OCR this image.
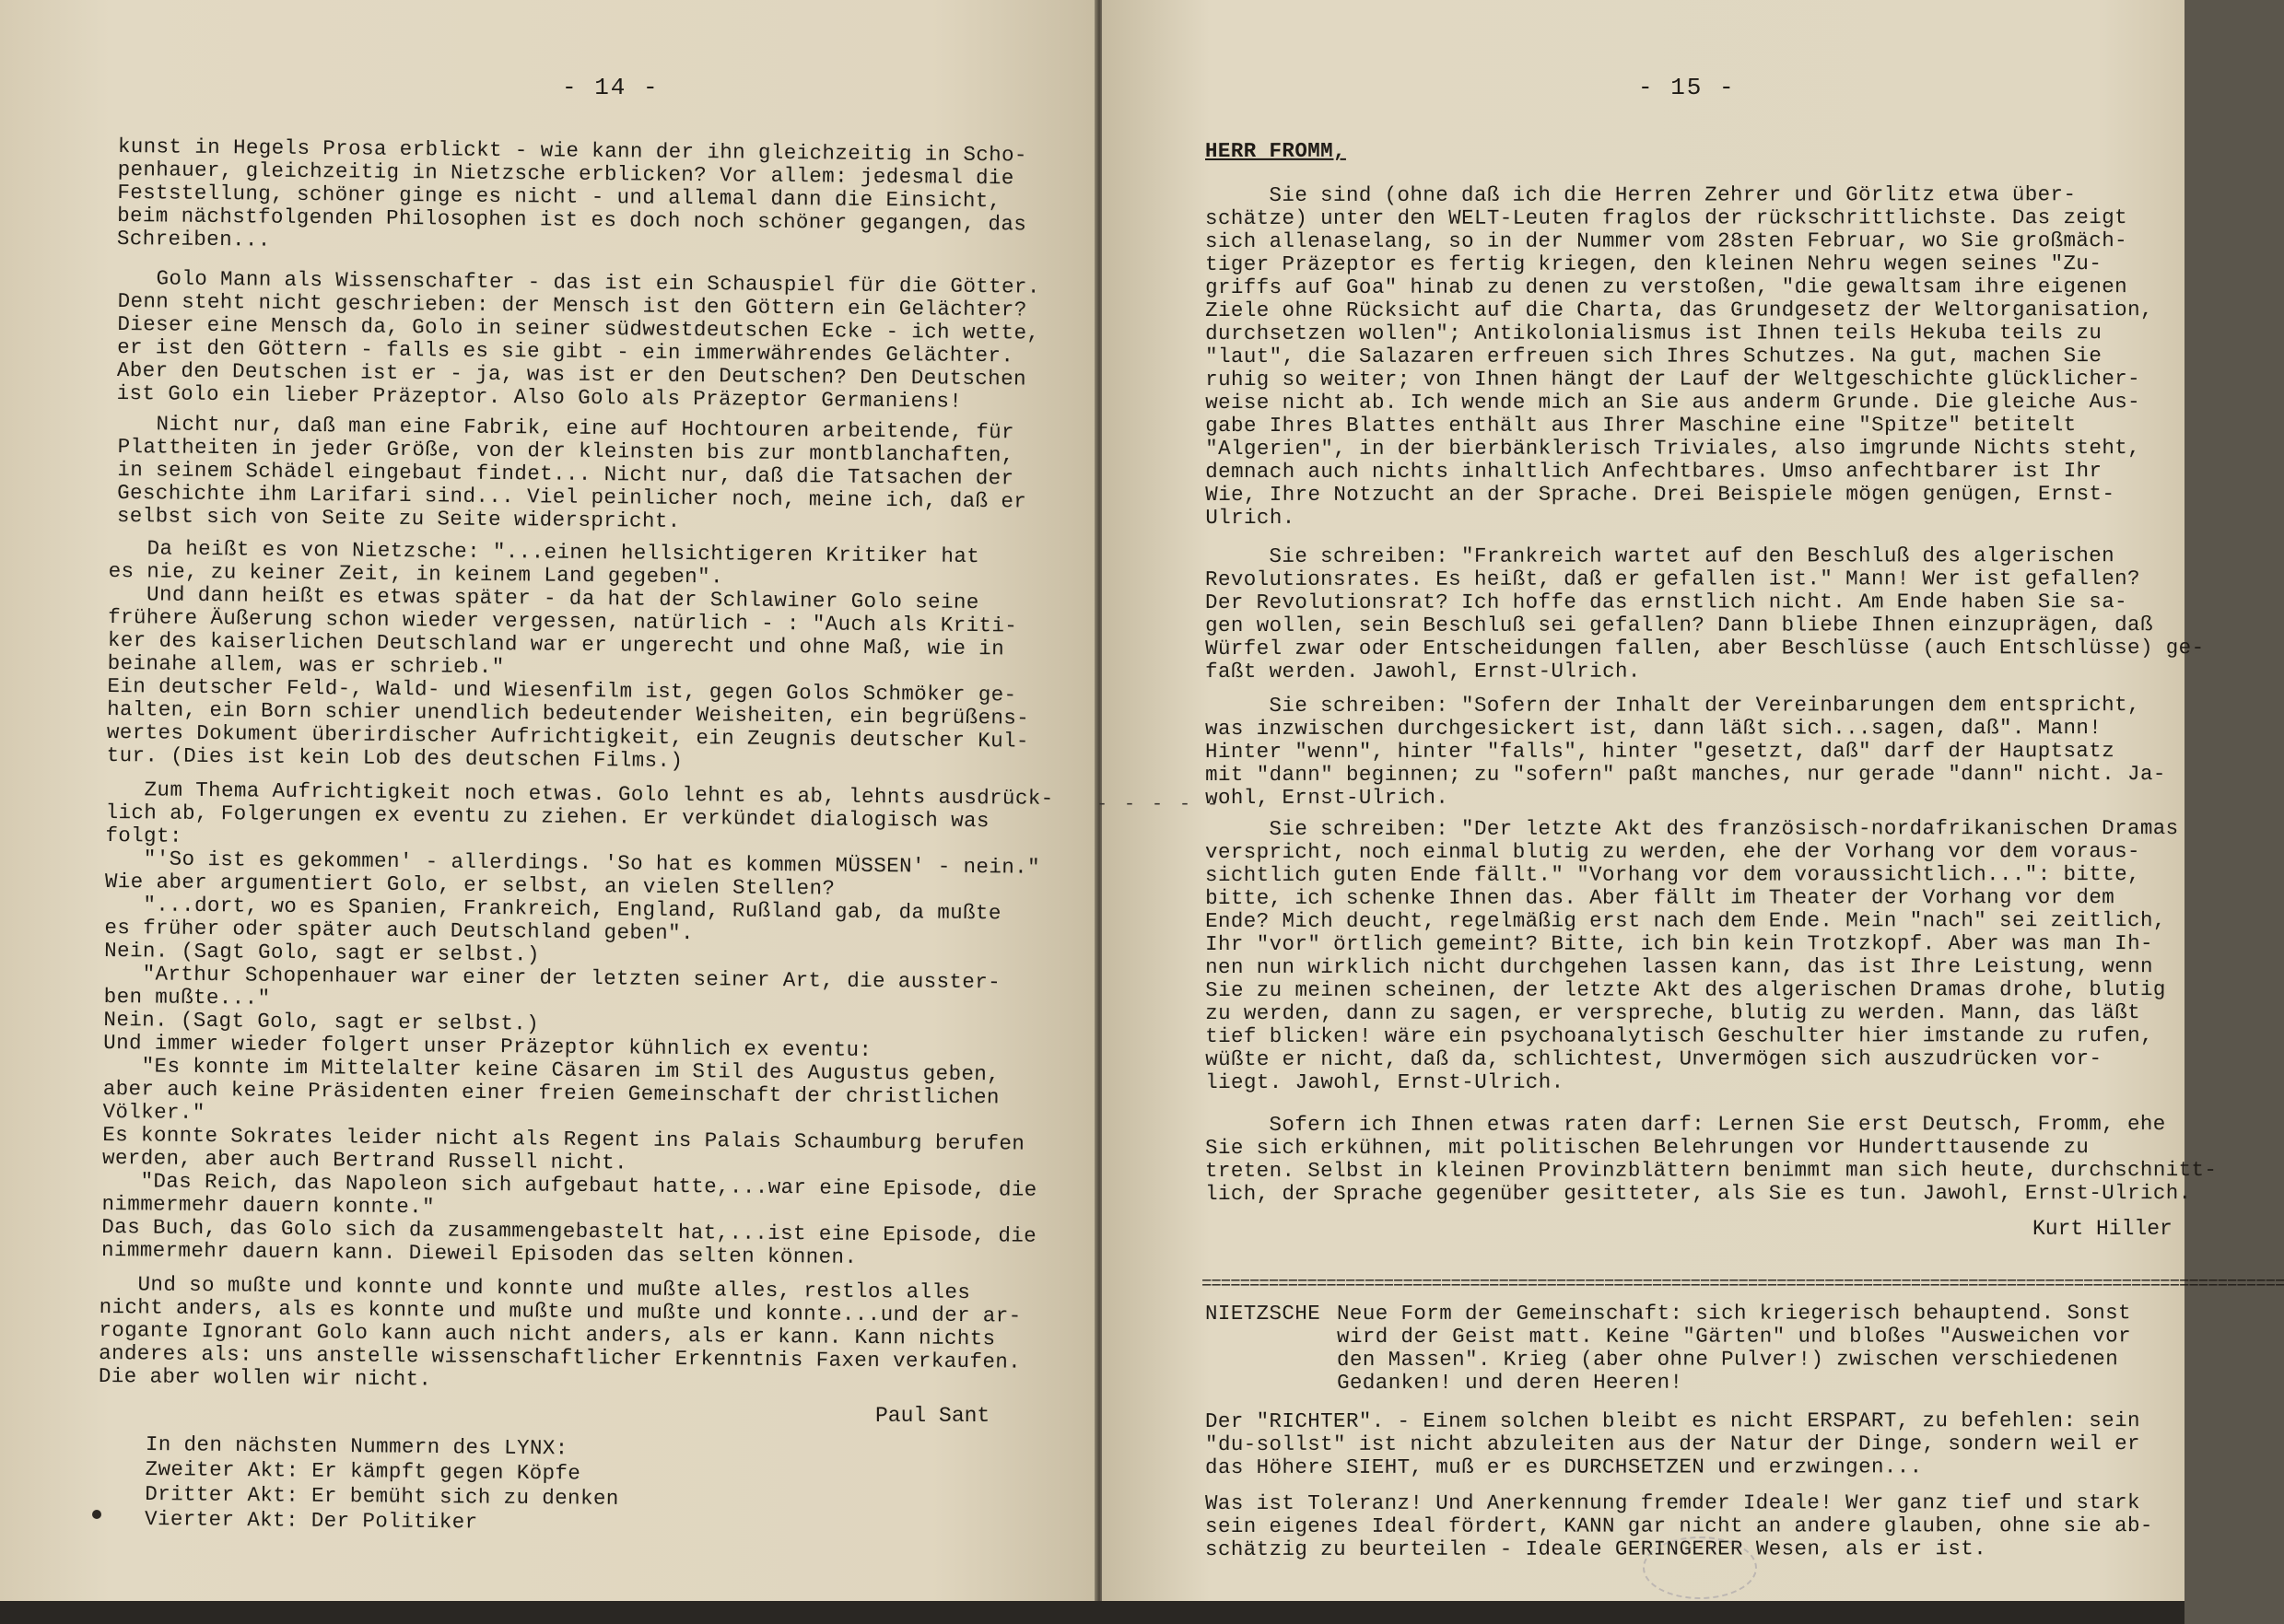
- 14 -
kunst in Hegels Prosa erblickt - wie kann der ihn gleichzeitig in Scho-
penhauer, gleichzeitig in Nietzsche erblicken? Vor allem: jedesmal die
Feststellung, schöner ginge es nicht - und allemal dann die Einsicht,
beim nächstfolgenden Philosophen ist es doch noch schöner gegangen, das
Schreiben...
Golo Mann als Wissenschafter - das ist ein Schauspiel für die Götter.
Denn steht nicht geschrieben: der Mensch ist den Göttern ein Gelächter?
Dieser eine Mensch da, Golo in seiner südwestdeutschen Ecke - ich wette,
er ist den Göttern - falls es sie gibt - ein immerwährendes Gelächter.
Aber den Deutschen ist er - ja, was ist er den Deutschen? Den Deutschen
ist Golo ein lieber Präzeptor. Also Golo als Präzeptor Germaniens!
Nicht nur, daß man eine Fabrik, eine auf Hochtouren arbeitende, für
Plattheiten in jeder Größe, von der kleinsten bis zur montblanchaften,
in seinem Schädel eingebaut findet... Nicht nur, daß die Tatsachen der
Geschichte ihm Larifari sind... Viel peinlicher noch, meine ich, daß er
selbst sich von Seite zu Seite widerspricht.
Da heißt es von Nietzsche: "...einen hellsichtigeren Kritiker hat
es nie, zu keiner Zeit, in keinem Land gegeben".
Und dann heißt es etwas später - da hat der Schlawiner Golo seine
frühere Äußerung schon wieder vergessen, natürlich - : "Auch als Kriti-
ker des kaiserlichen Deutschland war er ungerecht und ohne Maß, wie in
beinahe allem, was er schrieb."
Ein deutscher Feld-, Wald- und Wiesenfilm ist, gegen Golos Schmöker ge-
halten, ein Born schier unendlich bedeutender Weisheiten, ein begrüßens-
wertes Dokument überirdischer Aufrichtigkeit, ein Zeugnis deutscher Kul-
tur. (Dies ist kein Lob des deutschen Films.)
Zum Thema Aufrichtigkeit noch etwas. Golo lehnt es ab, lehnts ausdrück-
lich ab, Folgerungen ex eventu zu ziehen. Er verkündet dialogisch was
folgt:
"'So ist es gekommen' - allerdings. 'So hat es kommen MÜSSEN' - nein."
Wie aber argumentiert Golo, er selbst, an vielen Stellen?
"...dort, wo es Spanien, Frankreich, England, Rußland gab, da mußte
es früher oder später auch Deutschland geben".
Nein. (Sagt Golo, sagt er selbst.)
"Arthur Schopenhauer war einer der letzten seiner Art, die ausster-
ben mußte..."
Nein. (Sagt Golo, sagt er selbst.)
Und immer wieder folgert unser Präzeptor kühnlich ex eventu:
"Es konnte im Mittelalter keine Cäsaren im Stil des Augustus geben,
aber auch keine Präsidenten einer freien Gemeinschaft der christlichen
Völker."
Es konnte Sokrates leider nicht als Regent ins Palais Schaumburg berufen
werden, aber auch Bertrand Russell nicht.
"Das Reich, das Napoleon sich aufgebaut hatte,...war eine Episode, die
nimmermehr dauern konnte."
Das Buch, das Golo sich da zusammengebastelt hat,...ist eine Episode, die
nimmermehr dauern kann. Dieweil Episoden das selten können.
Und so mußte und konnte und konnte und mußte alles, restlos alles
nicht anders, als es konnte und mußte und mußte und konnte...und der ar-
rogante Ignorant Golo kann auch nicht anders, als er kann. Kann nichts
anderes als: uns anstelle wissenschaftlicher Erkenntnis Faxen verkaufen.
Die aber wollen wir nicht.
Paul Sant
In den nächsten Nummern des LYNX:
Zweiter Akt: Er kämpft gegen Köpfe
Dritter Akt: Er bemüht sich zu denken
Vierter Akt: Der Politiker
- 15 -
HERR FROMM,
Sie sind (ohne daß ich die Herren Zehrer und Görlitz etwa über-
schätze) unter den WELT-Leuten fraglos der rückschrittlichste. Das zeigt
sich allenaselang, so in der Nummer vom 28sten Februar, wo Sie großmäch-
tiger Präzeptor es fertig kriegen, den kleinen Nehru wegen seines "Zu-
griffs auf Goa" hinab zu denen zu verstoßen, "die gewaltsam ihre eigenen
Ziele ohne Rücksicht auf die Charta, das Grundgesetz der Weltorganisation,
durchsetzen wollen"; Antikolonialismus ist Ihnen teils Hekuba teils zu
"laut", die Salazaren erfreuen sich Ihres Schutzes. Na gut, machen Sie
ruhig so weiter; von Ihnen hängt der Lauf der Weltgeschichte glücklicher-
weise nicht ab. Ich wende mich an Sie aus anderm Grunde. Die gleiche Aus-
gabe Ihres Blattes enthält aus Ihrer Maschine eine "Spitze" betitelt
"Algerien", in der bierbänklerisch Triviales, also imgrunde Nichts steht,
demnach auch nichts inhaltlich Anfechtbares. Umso anfechtbarer ist Ihr
Wie, Ihre Notzucht an der Sprache. Drei Beispiele mögen genügen, Ernst-
Ulrich.
Sie schreiben: "Frankreich wartet auf den Beschluß des algerischen
Revolutionsrates. Es heißt, daß er gefallen ist." Mann! Wer ist gefallen?
Der Revolutionsrat? Ich hoffe das ernstlich nicht. Am Ende haben Sie sa-
gen wollen, sein Beschluß sei gefallen? Dann bliebe Ihnen einzuprägen, daß
Würfel zwar oder Entscheidungen fallen, aber Beschlüsse (auch Entschlüsse) ge-
faßt werden. Jawohl, Ernst-Ulrich.
Sie schreiben: "Sofern der Inhalt der Vereinbarungen dem entspricht,
was inzwischen durchgesickert ist, dann läßt sich...sagen, daß". Mann!
Hinter "wenn", hinter "falls", hinter "gesetzt, daß" darf der Hauptsatz
mit "dann" beginnen; zu "sofern" paßt manches, nur gerade "dann" nicht. Ja-
wohl, Ernst-Ulrich.
Sie schreiben: "Der letzte Akt des französisch-nordafrikanischen Dramas
verspricht, noch einmal blutig zu werden, ehe der Vorhang vor dem voraus-
sichtlich guten Ende fällt." "Vorhang vor dem voraussichtlich...": bitte,
bitte, ich schenke Ihnen das. Aber fällt im Theater der Vorhang vor dem
Ende? Mich deucht, regelmäßig erst nach dem Ende. Mein "nach" sei zeitlich,
Ihr "vor" örtlich gemeint? Bitte, ich bin kein Trotzkopf. Aber was man Ih-
nen nun wirklich nicht durchgehen lassen kann, das ist Ihre Leistung, wenn
Sie zu meinen scheinen, der letzte Akt des algerischen Dramas drohe, blutig
zu werden, dann zu sagen, er verspreche, blutig zu werden. Mann, das läßt
tief blicken! wäre ein psychoanalytisch Geschulter hier imstande zu rufen,
wüßte er nicht, daß da, schlichtest, Unvermögen sich auszudrücken vor-
liegt. Jawohl, Ernst-Ulrich.
Sofern ich Ihnen etwas raten darf: Lernen Sie erst Deutsch, Fromm, ehe
Sie sich erkühnen, mit politischen Belehrungen vor Hunderttausende zu
treten. Selbst in kleinen Provinzblättern benimmt man sich heute, durchschnitt-
lich, der Sprache gegenüber gesitteter, als Sie es tun. Jawohl, Ernst-Ulrich.
Kurt Hiller
NIETZSCHE Neue Form der Gemeinschaft: sich kriegerisch behauptend. Sonst
wird der Geist matt. Keine "Gärten" und bloßes "Ausweichen vor
den Massen". Krieg (aber ohne Pulver!) zwischen verschiedenen
Gedanken! und deren Heeren!
Der "RICHTER". - Einem solchen bleibt es nicht ERSPART, zu befehlen: sein
"du-sollst" ist nicht abzuleiten aus der Natur der Dinge, sondern weil er
das Höhere SIEHT, muß er es DURCHSETZEN und erzwingen...
Was ist Toleranz! Und Anerkennung fremder Ideale! Wer ganz tief und stark
sein eigenes Ideal fördert, KANN gar nicht an andere glauben, ohne sie ab-
schätzig zu beurteilen - Ideale GERINGERER Wesen, als er ist.
=================================================================================================================
- - - - -
